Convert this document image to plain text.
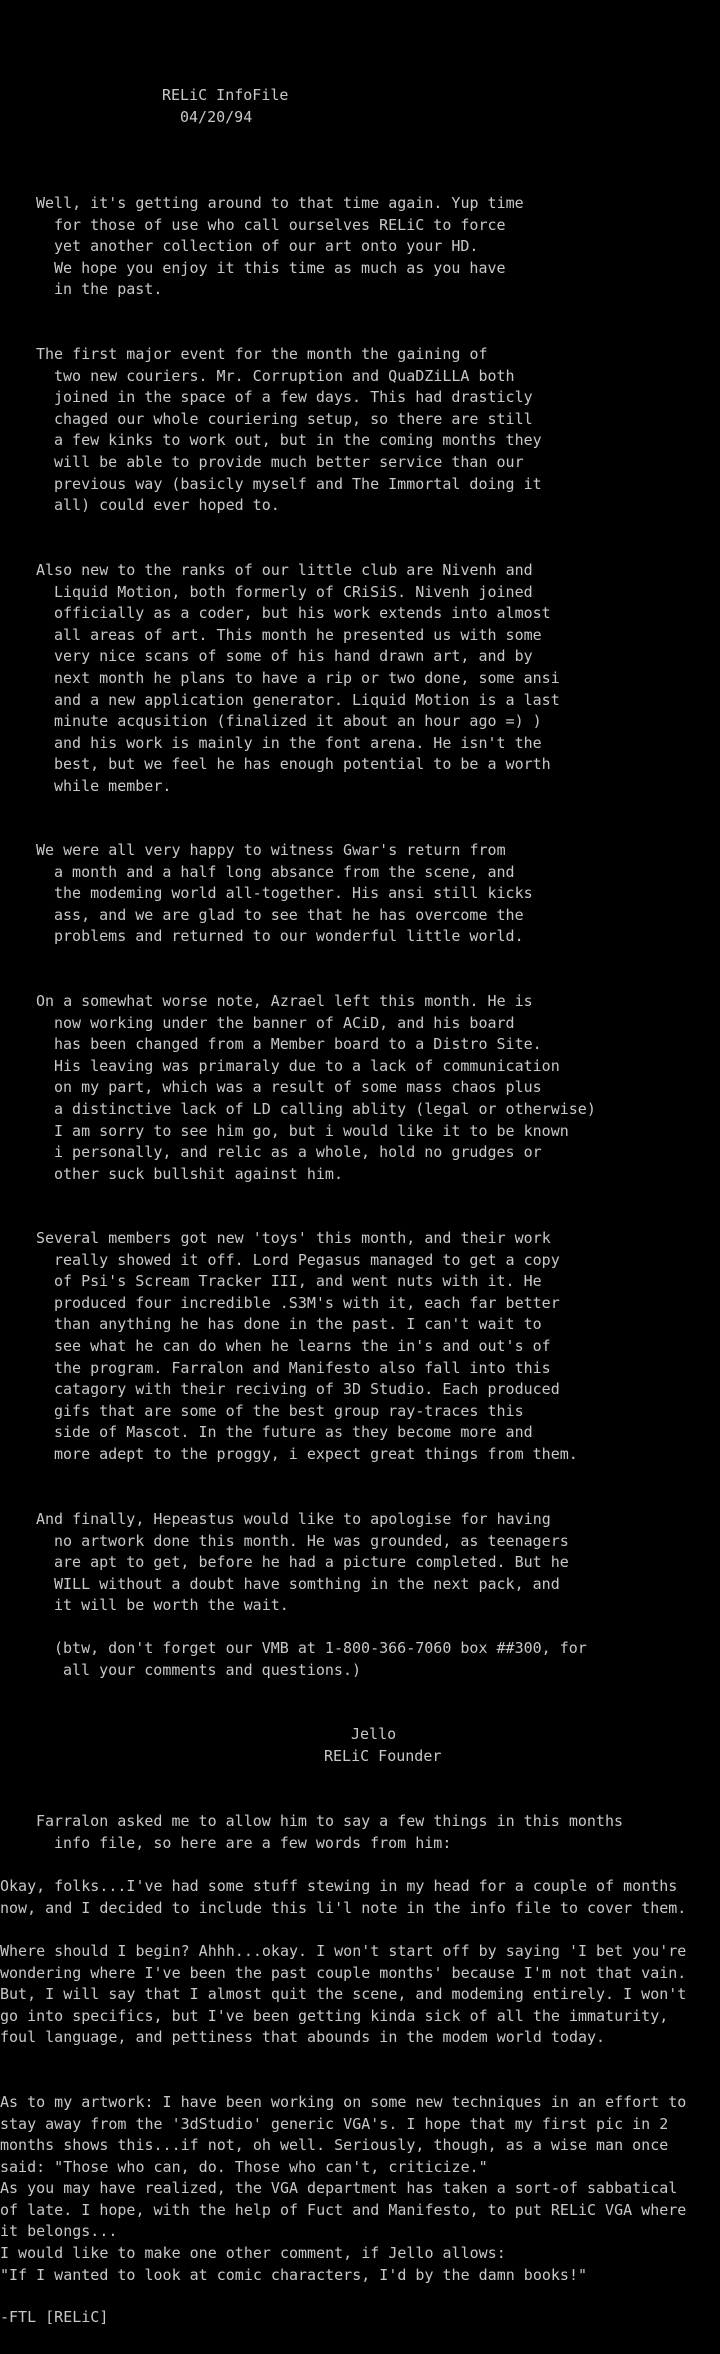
RELiC InfoFile
04/20/94
Well, it's getting around to that time again. Yup time
for those of use who call ourselves RELiC to force
yet another collection of our art onto your HD.
We hope you enjoy it this time as much as you have
in the past.
The first major event for the month the gaining of
two new couriers. Mr. Corruption and QuaDZiLLA both
joined in the space of a few days. This had drasticly
chaged our whole couriering setup, so there are still
a few kinks to work out, but in the coming months they
will be able to provide much better service than our
previous way (basicly myself and The Immortal doing it
all) could ever hoped to.
Also new to the ranks of our little club are Nivenh and
Liquid Motion, both formerly of CRiSiS. Nivenh joined
officially as a coder, but his work extends into almost
all areas of art. This month he presented us with some
very nice scans of some of his hand drawn art, and by
next month he plans to have a rip or two done, some ansi
and a new application generator. Liquid Motion is a last
minute acqusition (finalized it about an hour ago =) )
and his work is mainly in the font arena. He isn't the
best, but we feel he has enough potential to be a worth
while member.
We were all very happy to witness Gwar's return from
a month and a half long absance from the scene, and
the modeming world all-together. His ansi still kicks
ass, and we are glad to see that he has overcome the
problems and returned to our wonderful little world.
On a somewhat worse note, Azrael left this month. He is
now working under the banner of ACiD, and his board
has been changed from a Member board to a Distro Site.
His leaving was primaraly due to a lack of communication
on my part, which was a result of some mass chaos plus
a distinctive lack of LD calling ablity (legal or otherwise)
I am sorry to see him go, but i would like it to be known
i personally, and relic as a whole, hold no grudges or
other suck bullshit against him.
Several members got new 'toys' this month, and their work
really showed it off. Lord Pegasus managed to get a copy
of Psi's Scream Tracker III, and went nuts with it. He
produced four incredible .S3M's with it, each far better
than anything he has done in the past. I can't wait to
see what he can do when he learns the in's and out's of
the program. Farralon and Manifesto also fall into this
catagory with their reciving of 3D Studio. Each produced
gifs that are some of the best group ray-traces this
side of Mascot. In the future as they become more and
more adept to the proggy, i expect great things from them.
And finally, Hepeastus would like to apologise for having
no artwork done this month. He was grounded, as teenagers
are apt to get, before he had a picture completed. But he
WILL without a doubt have somthing in the next pack, and
it will be worth the wait.
(btw, don't forget our VMB at 1-800-366-7060 box ##300, for
all your comments and questions.)
Jello
RELiC Founder
Farralon asked me to allow him to say a few things in this months
info file, so here are a few words from him:
Okay, folks...I've had some stuff stewing in my head for a couple of months
now, and I decided to include this li'l note in the info file to cover them.
Where should I begin? Ahhh...okay. I won't start off by saying 'I bet you're
wondering where I've been the past couple months' because I'm not that vain.
But, I will say that I almost quit the scene, and modeming entirely. I won't
go into specifics, but I've been getting kinda sick of all the immaturity,
foul language, and pettiness that abounds in the modem world today.
As to my artwork: I have been working on some new techniques in an effort to
stay away from the '3dStudio' generic VGA's. I hope that my first pic in 2
months shows this...if not, oh well. Seriously, though, as a wise man once
said: "Those who can, do. Those who can't, criticize."
As you may have realized, the VGA department has taken a sort-of sabbatical
of late. I hope, with the help of Fuct and Manifesto, to put RELiC VGA where
it belongs...
I would like to make one other comment, if Jello allows:
"If I wanted to look at comic characters, I'd by the damn books!"
-FTL [RELiC]
